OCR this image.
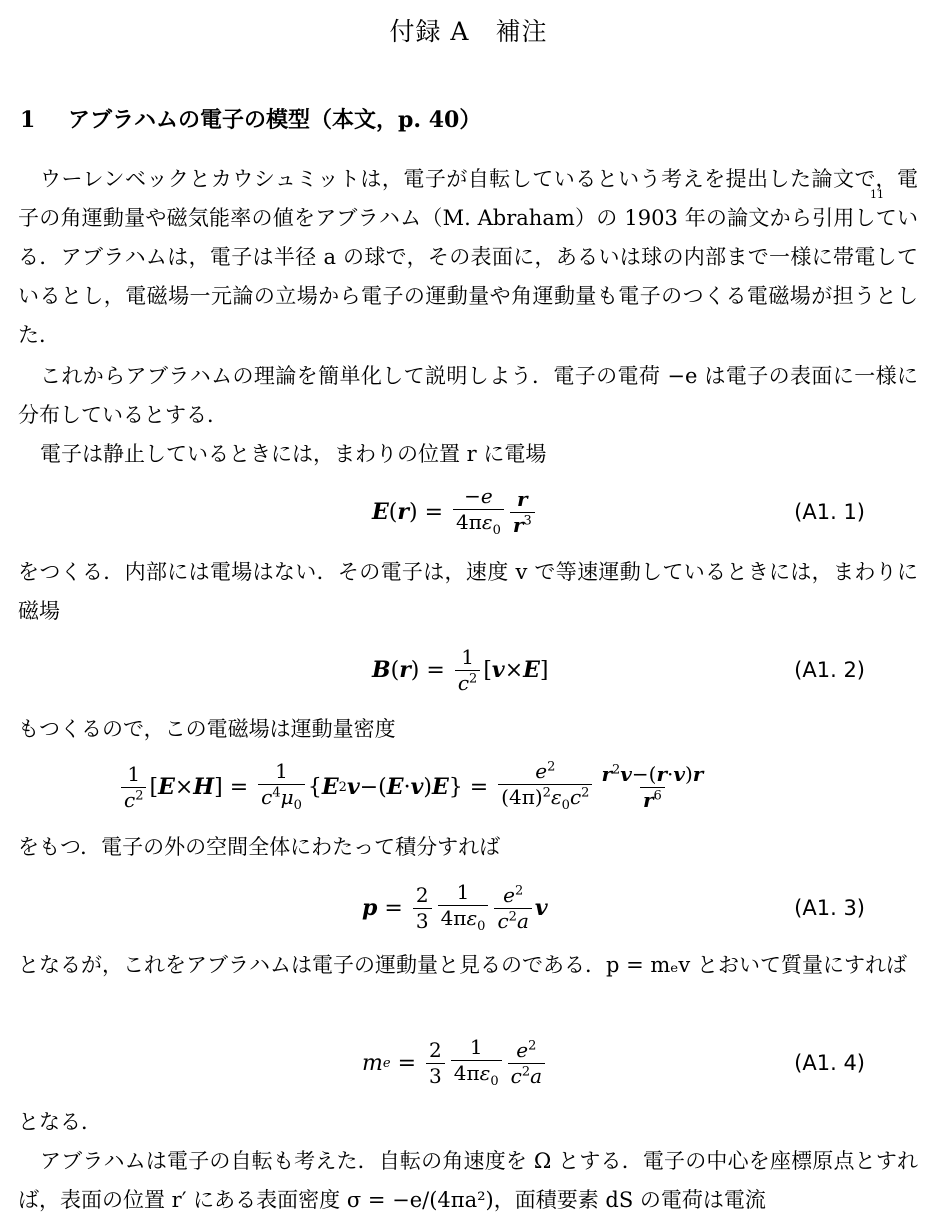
付録 A　補注
1 アブラハムの電子の模型（本文，p. 40）

ウーレンベックとカウシュミットは，電子が自転しているという考えを提出した論文で，電子の角運動量や磁気能率の値をアブラハム（M. Abraham）の 1903 年の論文から引用している．アブラハムは，電子は半径 a の球で，その表面に，あるいは球の内部まで一様に帯電しているとし，電磁場一元論の立場から電子の運動量や角運動量も電子のつくる電磁場が担うとした．

11

これからアブラハムの理論を簡単化して説明しよう．電子の電荷 −e は電子の表面に一様に分布しているとする．

電子は静止しているときには，まわりの位置 r に電場

E ( r ) = $\frac{-e}{4\pi\varepsilon_0} \frac{r}{r^3}$	(A1. 1)

をつくる．内部には電場はない．その電子は，速度 v で等速運動しているときには，まわりに磁場

B ( r ) = $\frac{1}{c^2}$ [ v × E ]	(A1. 2)

もつくるので，この電磁場は運動量密度

$\frac{1}{c^2}$ [ E × H ] = $\frac{1}{c^4\mu_0}$ { E 2 v −( E · v ) E } = $\frac{e^2}{(4\pi)^2\varepsilon_0c^2} \frac{r^2v-(r\cdot v)r}{r^6}$

をもつ．電子の外の空間全体にわたって積分すれば

$p = \frac{2}{3} \frac{1}{4\pi\varepsilon_0} \frac{e^2}{c^2a}$ v	(A1. 3)

となるが，これをアブラハムは電子の運動量と見るのである．p = mₑv とおいて質量にすれば

m $e = \frac{2}{3} \frac{1}{4\pi\varepsilon_0} \frac{e^2}{c^2a}$	(A1. 4)

となる．

アブラハムは電子の自転も考えた．自転の角速度を Ω とする．電子の中心を座標原点とすれば，表面の位置 r′ にある表面密度 σ = −e/(4πa²)，面積要素 dS の電荷は電流
